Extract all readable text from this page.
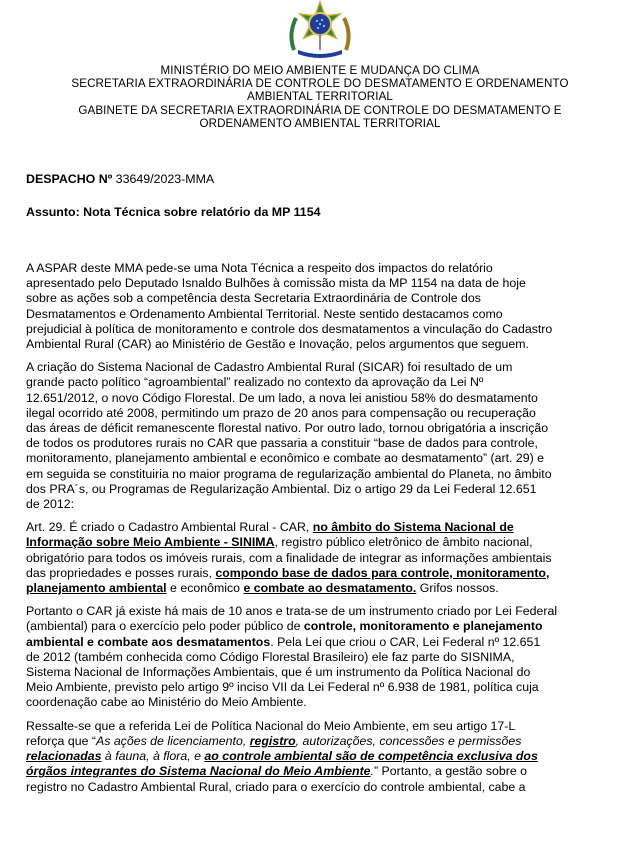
MINISTÉRIO DO MEIO AMBIENTE E MUDANÇA DO CLIMA
SECRETARIA EXTRAORDINÁRIA DE CONTROLE DO DESMATAMENTO E ORDENAMENTO
AMBIENTAL TERRITORIAL
GABINETE DA SECRETARIA EXTRAORDINÁRIA DE CONTROLE DO DESMATAMENTO E
ORDENAMENTO AMBIENTAL TERRITORIAL
DESPACHO Nº 33649/2023-MMA
Assunto: Nota Técnica sobre relatório da MP 1154

A ASPAR deste MMA pede-se uma Nota Técnica a respeito dos impactos do relatório
apresentado pelo Deputado Isnaldo Bulhões à comissão mista da MP 1154 na data de hoje
sobre as ações sob a competência desta Secretaria Extraordinária de Controle dos
Desmatamentos e Ordenamento Ambiental Territorial. Neste sentido destacamos como
prejudicial à política de monitoramento e controle dos desmatamentos a vinculação do Cadastro
Ambiental Rural (CAR) ao Ministério de Gestão e Inovação, pelos argumentos que seguem.

A criação do Sistema Nacional de Cadastro Ambiental Rural (SICAR) foi resultado de um
grande pacto político “agroambiental” realizado no contexto da aprovação da Lei Nº
12.651/2012, o novo Código Florestal. De um lado, a nova lei anistiou 58% do desmatamento
ilegal ocorrido até 2008, permitindo um prazo de 20 anos para compensação ou recuperação
das áreas de déficit remanescente florestal nativo. Por outro lado, tornou obrigatória a inscrição
de todos os produtores rurais no CAR que passaria a constituir “base de dados para controle,
monitoramento, planejamento ambiental e econômico e combate ao desmatamento” (art. 29) e
em seguida se constituiria no maior programa de regularização ambiental do Planeta, no âmbito
dos PRA´s, ou Programas de Regularização Ambiental. Diz o artigo 29 da Lei Federal 12.651
de 2012:

Art. 29. É criado o Cadastro Ambiental Rural - CAR, no âmbito do Sistema Nacional de
Informação sobre Meio Ambiente - SINIMA, registro público eletrônico de âmbito nacional,
obrigatório para todos os imóveis rurais, com a finalidade de integrar as informações ambientais
das propriedades e posses rurais, compondo base de dados para controle, monitoramento,
planejamento ambiental e econômico e combate ao desmatamento. Grifos nossos.

Portanto o CAR já existe há mais de 10 anos e trata-se de um instrumento criado por Lei Federal
(ambiental) para o exercício pelo poder público de controle, monitoramento e planejamento
ambiental e combate aos desmatamentos. Pela Lei que criou o CAR, Lei Federal nº 12.651
de 2012 (também conhecida como Código Florestal Brasileiro) ele faz parte do SISNIMA,
Sistema Nacional de Informações Ambientais, que é um instrumento da Política Nacional do
Meio Ambiente, previsto pelo artigo 9º inciso VII da Lei Federal nº 6.938 de 1981, política cuja
coordenação cabe ao Ministério do Meio Ambiente.

Ressalte-se que a referida Lei de Política Nacional do Meio Ambiente, em seu artigo 17-L
reforça que “As ações de licenciamento, registro, autorizações, concessões e permissões
relacionadas à fauna, à flora, e ao controle ambiental são de competência exclusiva dos
órgãos integrantes do Sistema Nacional do Meio Ambiente.” Portanto, a gestão sobre o
registro no Cadastro Ambiental Rural, criado para o exercício do controle ambiental, cabe a
